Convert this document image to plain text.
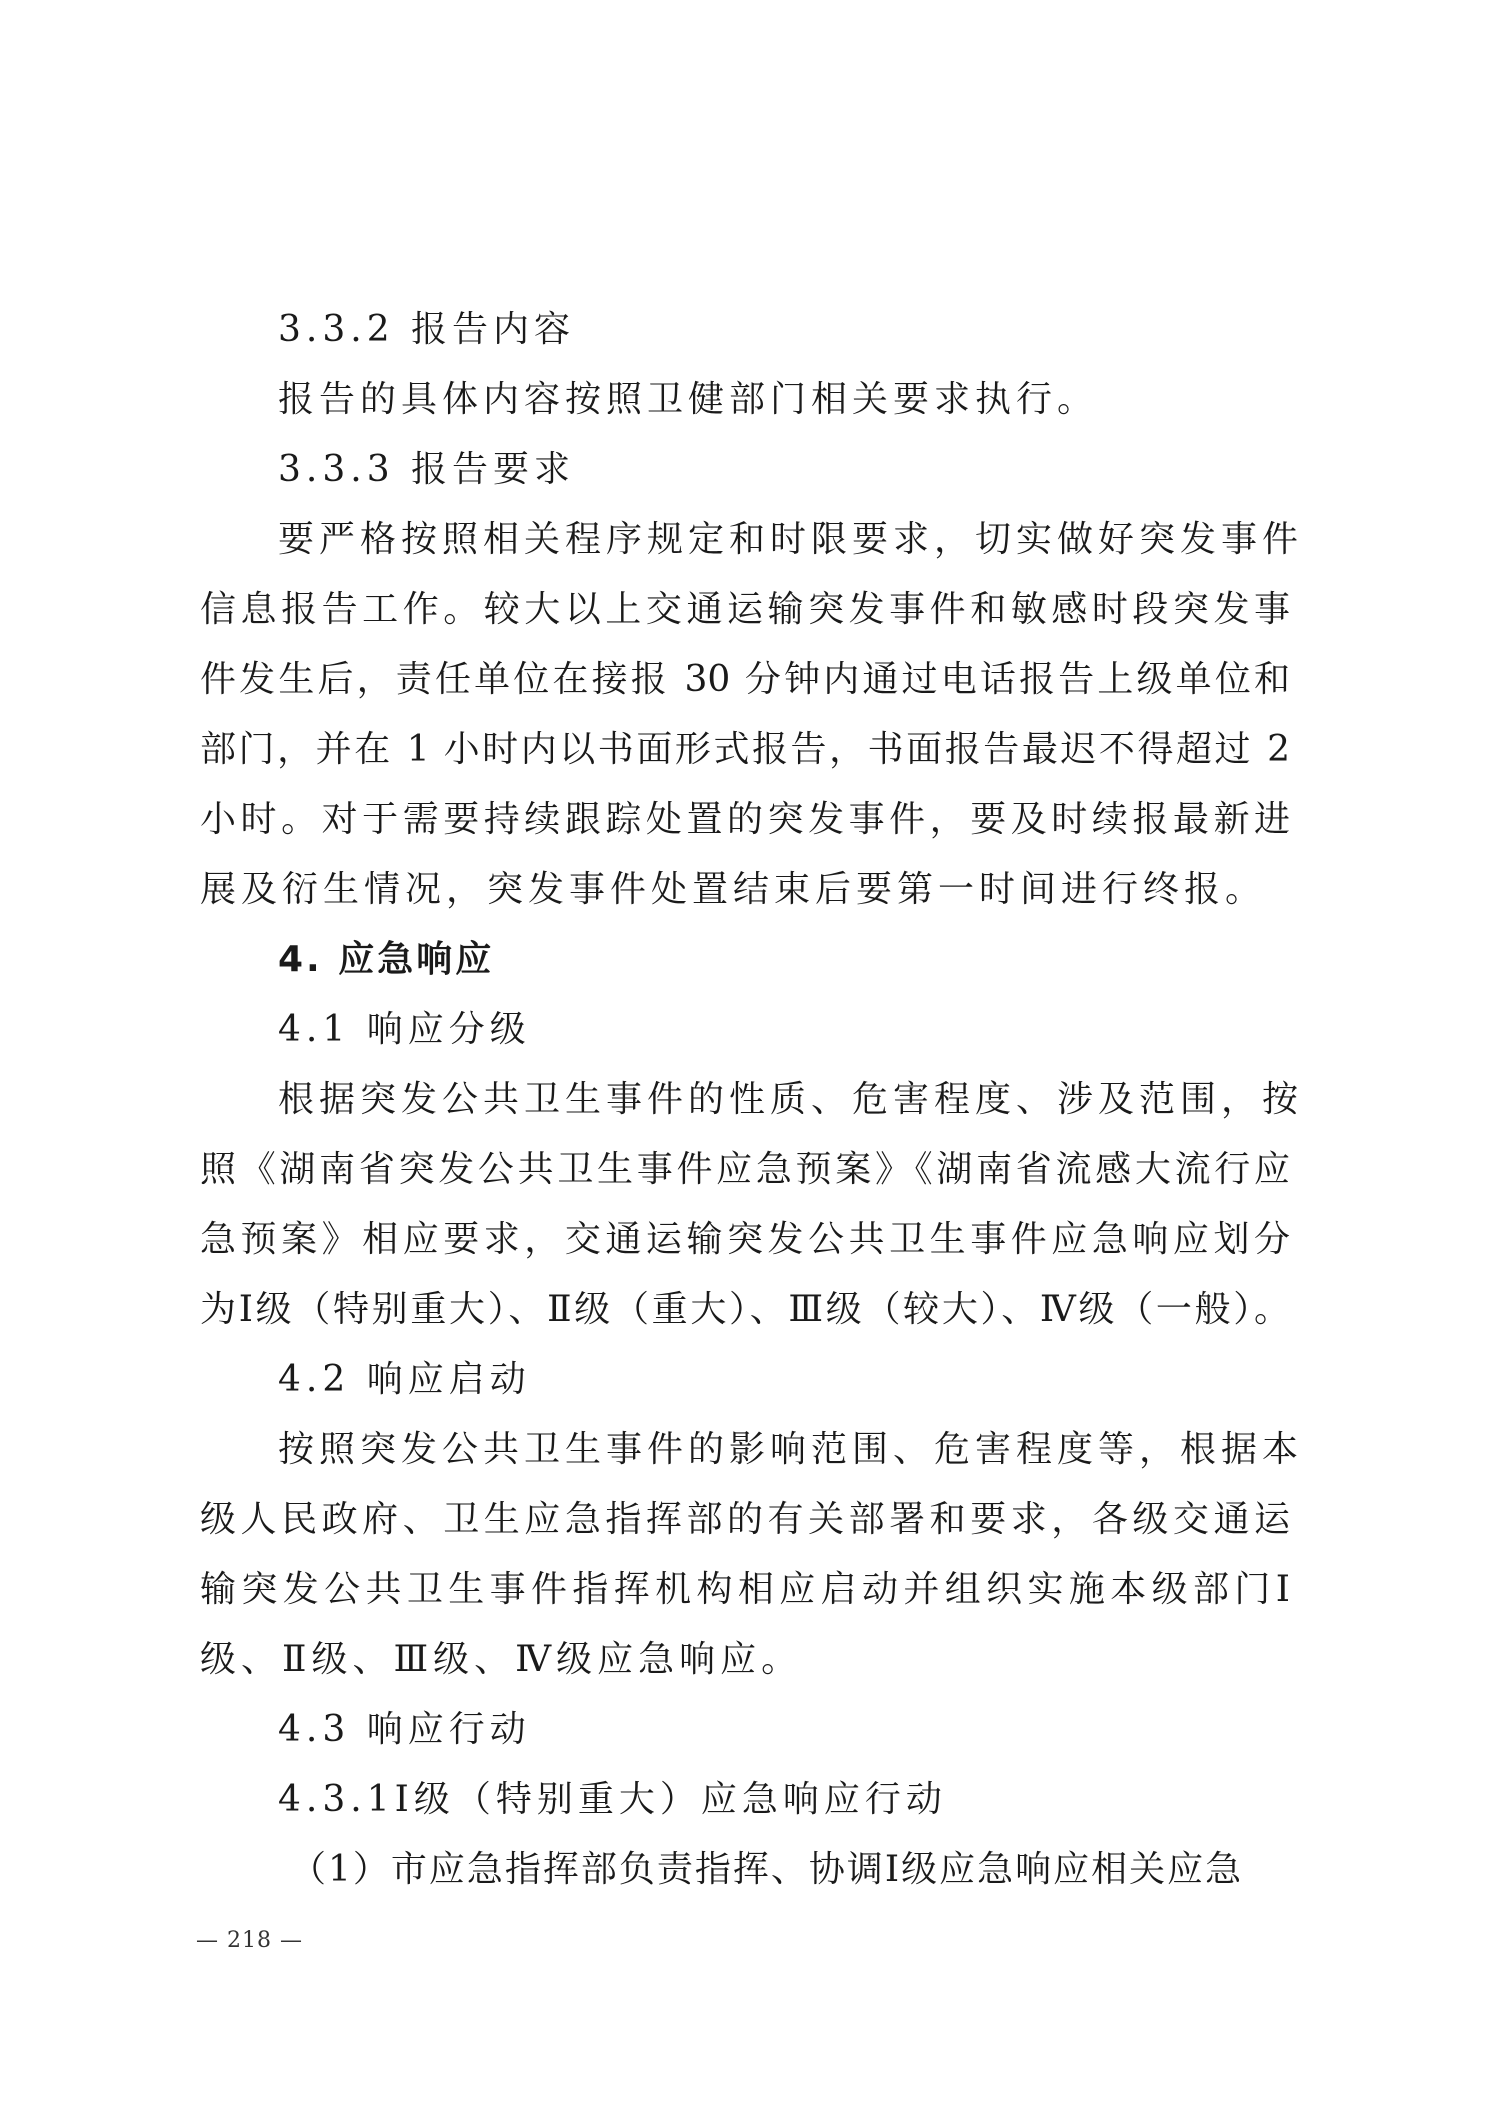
3.3.2 报告内容
报告的具体内容按照卫健部门相关要求执行。
3.3.3 报告要求
要严格按照相关程序规定和时限要求，切实做好突发事件
信息报告工作。较大以上交通运输突发事件和敏感时段突发事
件发生后，责任单位在接报 30 分钟内通过电话报告上级单位和
部门，并在 1 小时内以书面形式报告，书面报告最迟不得超过 2
小时。对于需要持续跟踪处置的突发事件，要及时续报最新进
展及衍生情况，突发事件处置结束后要第一时间进行终报。
4. 应急响应
4.1 响应分级
根据突发公共卫生事件的性质、危害程度、涉及范围，按
照《湖南省突发公共卫生事件应急预案》《湖南省流感大流行应
急预案》相应要求，交通运输突发公共卫生事件应急响应划分
为Ⅰ级（特别重大）、Ⅱ级（重大）、Ⅲ级（较大）、Ⅳ级（一般）。
4.2 响应启动
按照突发公共卫生事件的影响范围、危害程度等，根据本
级人民政府、卫生应急指挥部的有关部署和要求，各级交通运
输突发公共卫生事件指挥机构相应启动并组织实施本级部门Ⅰ
级、Ⅱ级、Ⅲ级、Ⅳ级应急响应。
4.3 响应行动
4.3.1Ⅰ级（特别重大）应急响应行动
（1）市应急指挥部负责指挥、协调Ⅰ级应急响应相关应急
— 218 —
